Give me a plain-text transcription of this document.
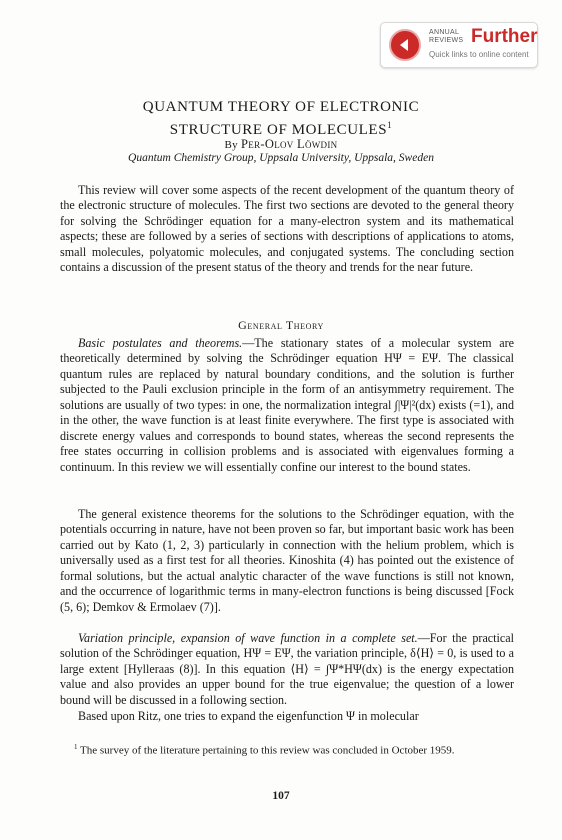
ANNUAL
REVIEWS Further
Quick links to online content
QUANTUM THEORY OF ELECTRONIC
STRUCTURE OF MOLECULES$^1$
By Per-Olov Löwdin
Quantum Chemistry Group, Uppsala University, Uppsala, Sweden

This review will cover some aspects of the recent development of the quantum theory of the electronic structure of molecules. The first two sections are devoted to the general theory for solving the Schrödinger equation for a many-electron system and its mathematical aspects; these are followed by a series of sections with descriptions of applications to atoms, small molecules, polyatomic molecules, and conjugated systems. The concluding section contains a discussion of the present status of the theory and trends for the near future.

General Theory

Basic postulates and theorems.—The stationary states of a molecular system are theoretically determined by solving the Schrödinger equation HΨ = EΨ. The classical quantum rules are replaced by natural boundary conditions, and the solution is further subjected to the Pauli exclusion principle in the form of an antisymmetry requirement. The solutions are usually of two types: in one, the normalization integral ∫|Ψ|²(dx) exists (=1), and in the other, the wave function is at least finite everywhere. The first type is associated with discrete energy values and corresponds to bound states, whereas the second represents the free states occurring in collision problems and is associated with eigenvalues forming a continuum. In this review we will essentially confine our interest to the bound states.

The general existence theorems for the solutions to the Schrödinger equation, with the potentials occurring in nature, have not been proven so far, but important basic work has been carried out by Kato (1, 2, 3) particularly in connection with the helium problem, which is universally used as a first test for all theories. Kinoshita (4) has pointed out the existence of formal solutions, but the actual analytic character of the wave functions is still not known, and the occurrence of logarithmic terms in many-electron functions is being discussed [Fock (5, 6); Demkov & Ermolaev (7)].

Variation principle, expansion of wave function in a complete set.—For the practical solution of the Schrödinger equation, HΨ = EΨ, the variation principle, δ⟨H⟩ = 0, is used to a large extent [Hylleraas (8)]. In this equation ⟨H⟩ = ∫Ψ*HΨ(dx) is the energy expectation value and also provides an upper bound for the true eigenvalue; the question of a lower bound will be discussed in a following section.

Based upon Ritz, one tries to expand the eigenfunction Ψ in molecular

$^1$ The survey of the literature pertaining to this review was concluded in October 1959.

107
